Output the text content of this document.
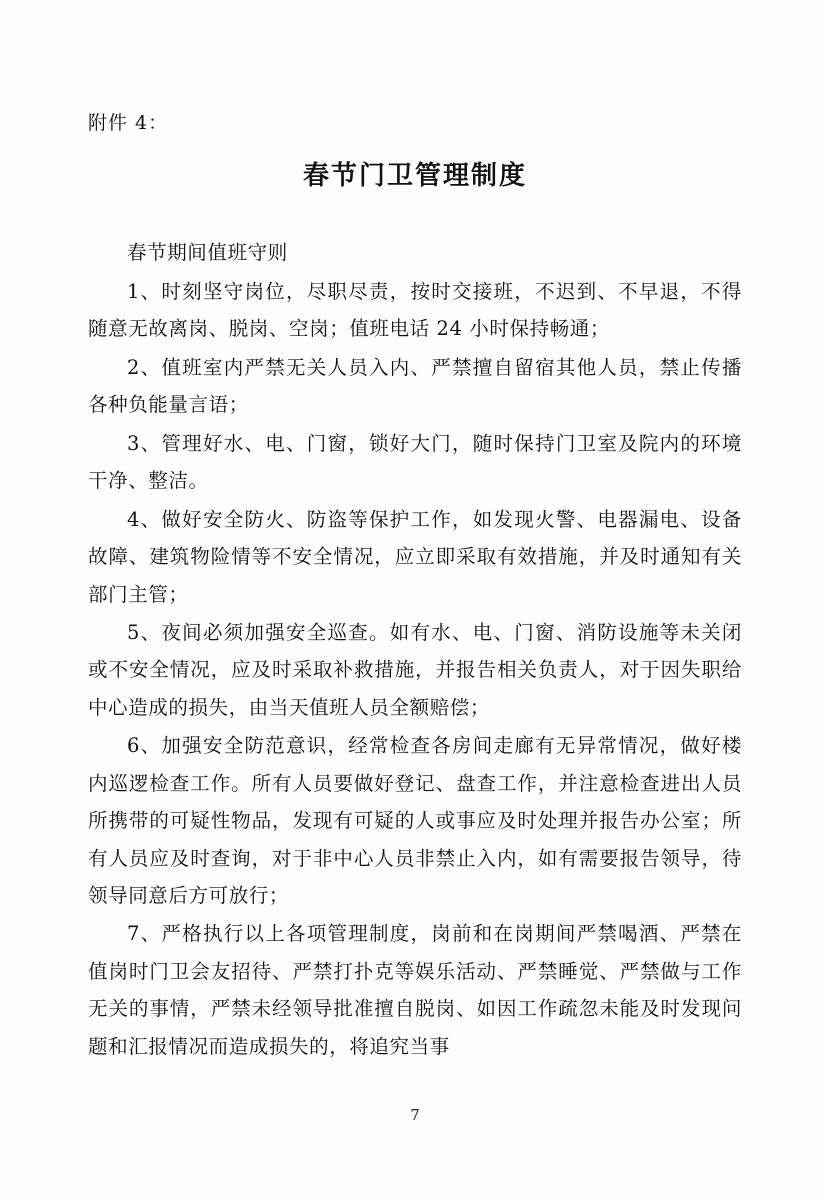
附件 4：
春节门卫管理制度

春节期间值班守则

1、时刻坚守岗位，尽职尽责，按时交接班，不迟到、不早退，不得随意无故离岗、脱岗、空岗；值班电话 24 小时保持畅通；

2、值班室内严禁无关人员入内、严禁擅自留宿其他人员，禁止传播各种负能量言语；

3、管理好水、电、门窗，锁好大门，随时保持门卫室及院内的环境干净、整洁。

4、做好安全防火、防盗等保护工作，如发现火警、电器漏电、设备故障、建筑物险情等不安全情况，应立即采取有效措施，并及时通知有关部门主管；

5、夜间必须加强安全巡查。如有水、电、门窗、消防设施等未关闭或不安全情况，应及时采取补救措施，并报告相关负责人，对于因失职给中心造成的损失，由当天值班人员全额赔偿；

6、加强安全防范意识，经常检查各房间走廊有无异常情况，做好楼内巡逻检查工作。所有人员要做好登记、盘查工作，并注意检查进出人员所携带的可疑性物品，发现有可疑的人或事应及时处理并报告办公室；所有人员应及时查询，对于非中心人员非禁止入内，如有需要报告领导，待领导同意后方可放行；

7、严格执行以上各项管理制度，岗前和在岗期间严禁喝酒、严禁在值岗时门卫会友招待、严禁打扑克等娱乐活动、严禁睡觉、严禁做与工作无关的事情，严禁未经领导批准擅自脱岗、如因工作疏忽未能及时发现问题和汇报情况而造成损失的，将追究当事

7
